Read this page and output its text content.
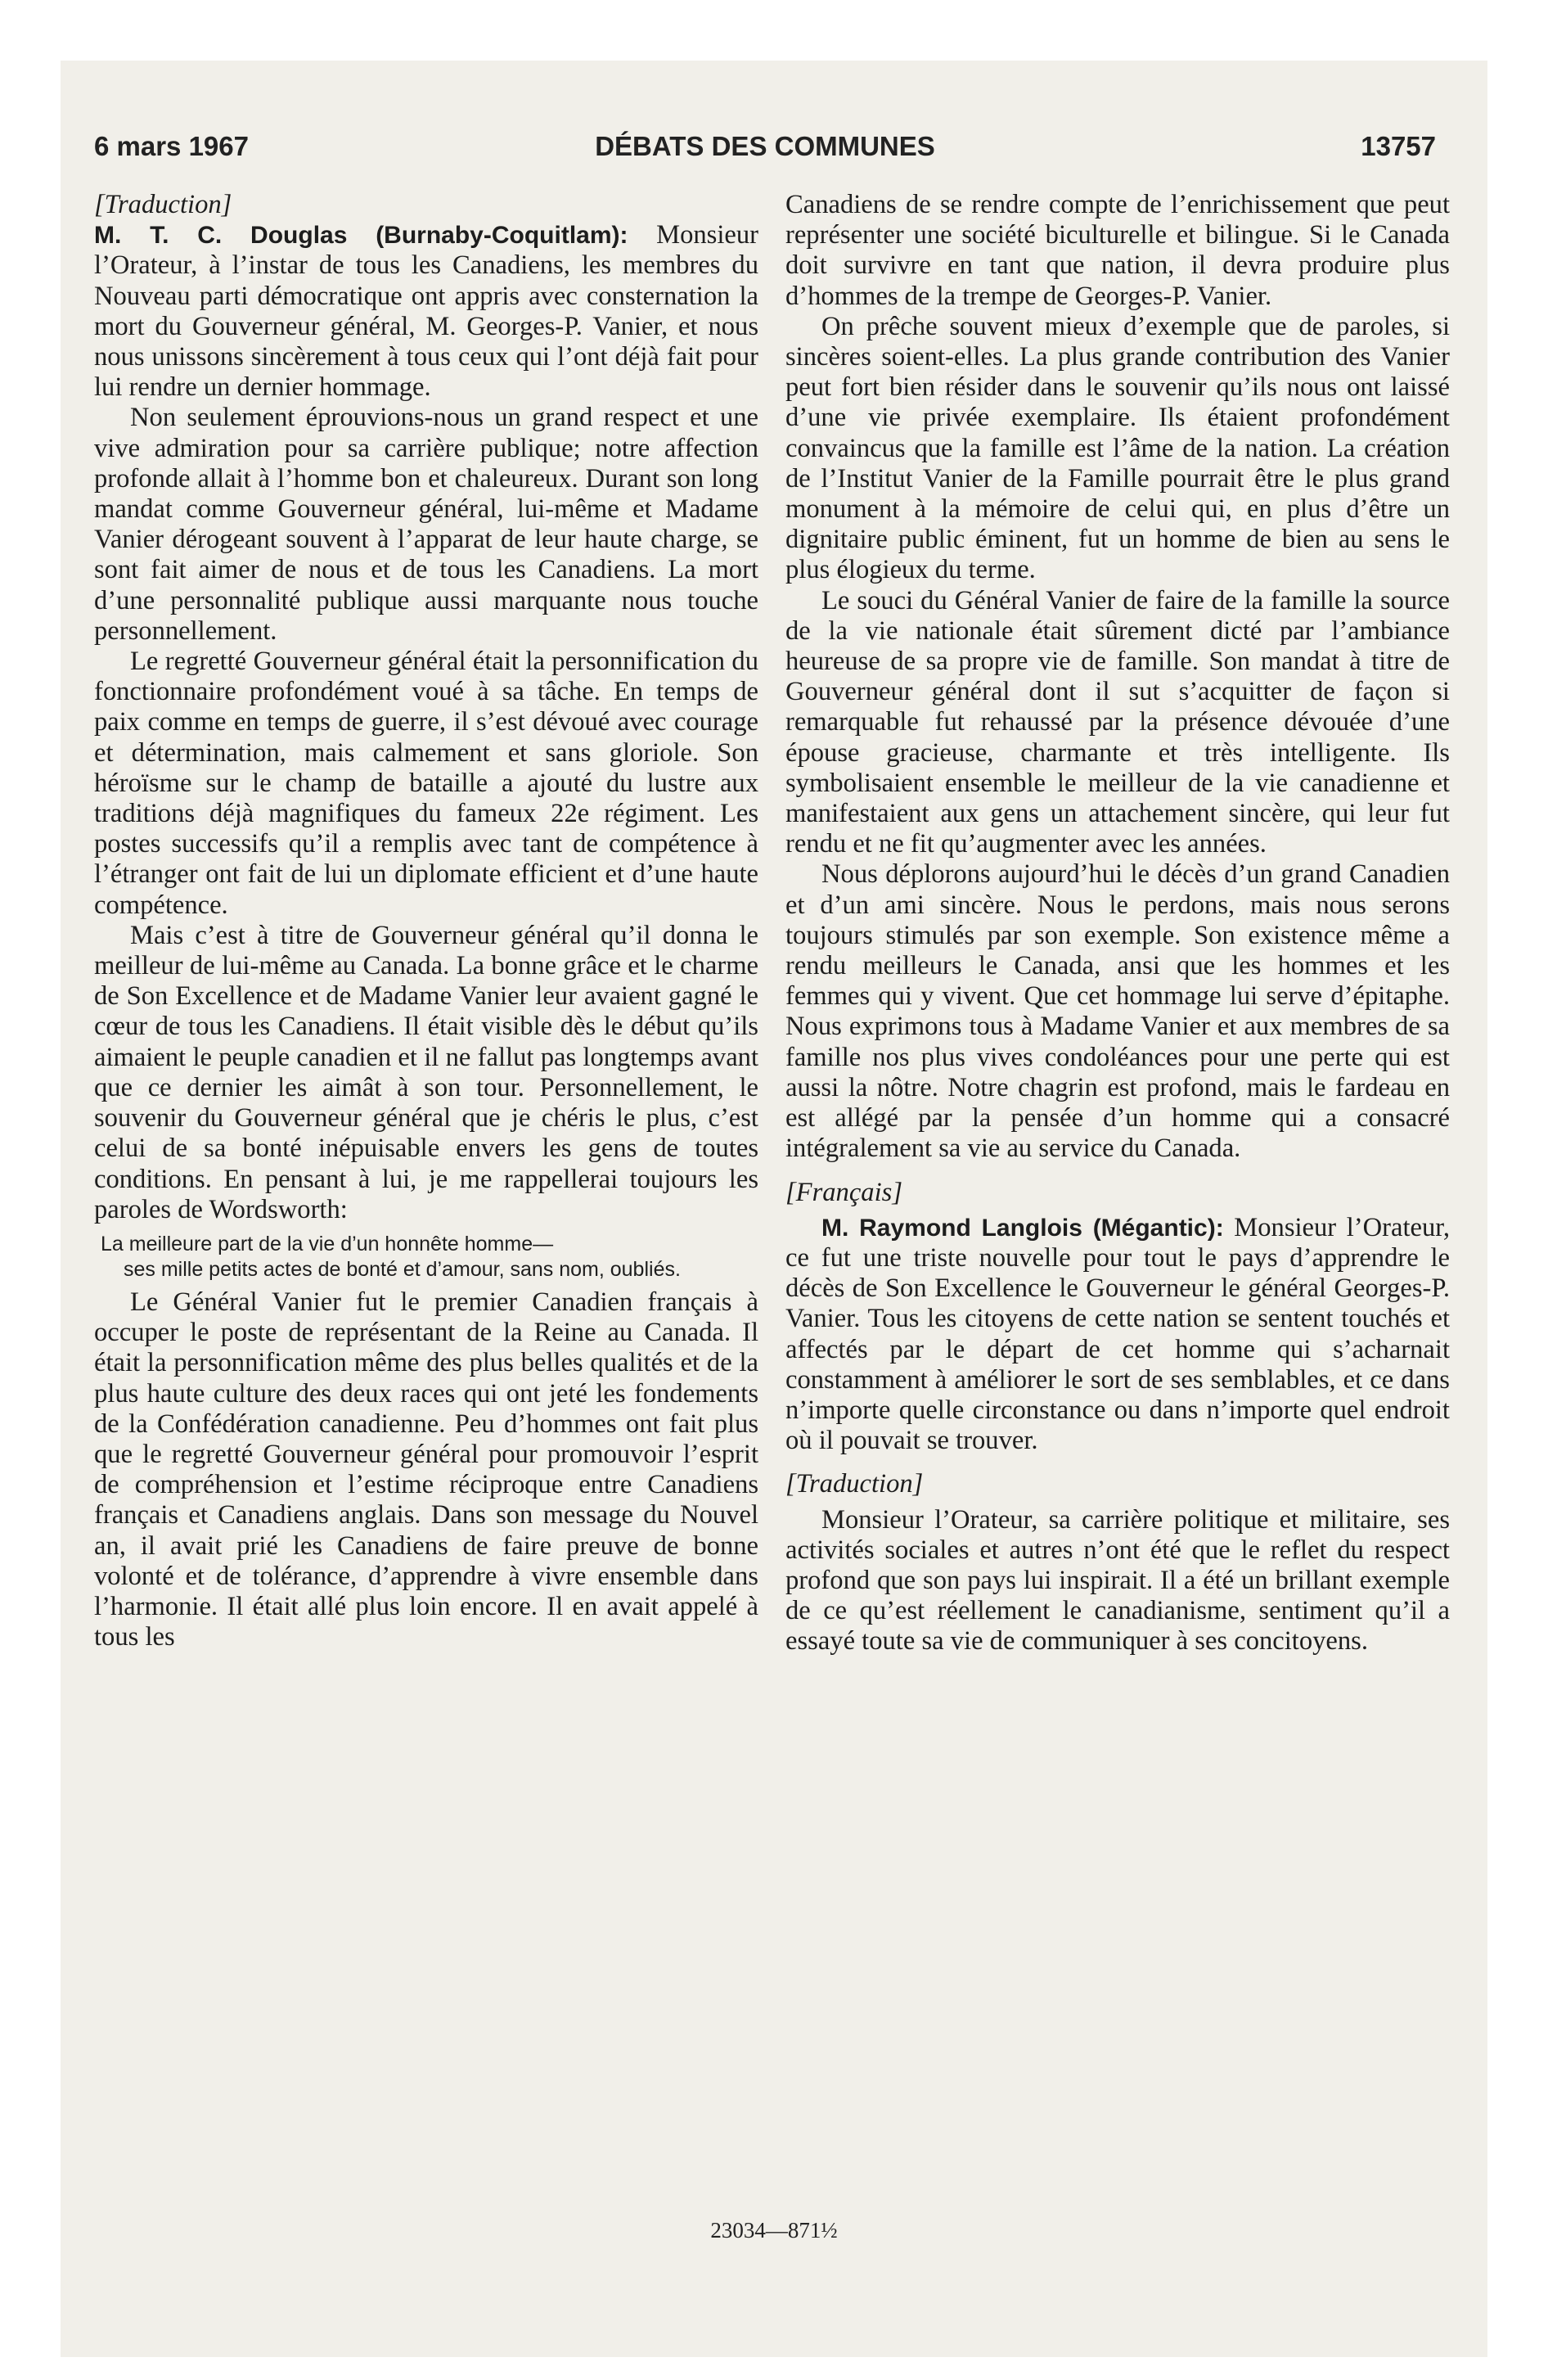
6 mars 1967	DÉBATS DES COMMUNES	13757

[Traduction]

M. T. C. Douglas (Burnaby-Coquitlam): Monsieur l’Orateur, à l’instar de tous les Canadiens, les membres du Nouveau parti démocratique ont appris avec consternation la mort du Gouverneur général, M. Georges-P. Vanier, et nous nous unissons sincèrement à tous ceux qui l’ont déjà fait pour lui rendre un dernier hommage.

Non seulement éprouvions-nous un grand respect et une vive admiration pour sa carrière publique; notre affection profonde allait à l’homme bon et chaleureux. Durant son long mandat comme Gouverneur général, lui-même et Madame Vanier dérogeant souvent à l’apparat de leur haute charge, se sont fait aimer de nous et de tous les Canadiens. La mort d’une personnalité publique aussi marquante nous touche personnellement.

Le regretté Gouverneur général était la personnification du fonctionnaire profondément voué à sa tâche. En temps de paix comme en temps de guerre, il s’est dévoué avec courage et détermination, mais calmement et sans gloriole. Son héroïsme sur le champ de bataille a ajouté du lustre aux traditions déjà magnifiques du fameux 22e régiment. Les postes successifs qu’il a remplis avec tant de compétence à l’étranger ont fait de lui un diplomate efficient et d’une haute compétence.

Mais c’est à titre de Gouverneur général qu’il donna le meilleur de lui-même au Canada. La bonne grâce et le charme de Son Excellence et de Madame Vanier leur avaient gagné le cœur de tous les Canadiens. Il était visible dès le début qu’ils aimaient le peuple canadien et il ne fallut pas longtemps avant que ce dernier les aimât à son tour. Personnellement, le souvenir du Gouverneur général que je chéris le plus, c’est celui de sa bonté inépuisable envers les gens de toutes conditions. En pensant à lui, je me rappellerai toujours les paroles de Wordsworth:

La meilleure part de la vie d’un honnête homme—
ses mille petits actes de bonté et d’amour, sans nom, oubliés.

Le Général Vanier fut le premier Canadien français à occuper le poste de représentant de la Reine au Canada. Il était la personnification même des plus belles qualités et de la plus haute culture des deux races qui ont jeté les fondements de la Confédération canadienne. Peu d’hommes ont fait plus que le regretté Gouverneur général pour promouvoir l’esprit de compréhension et l’estime réciproque entre Canadiens français et Canadiens anglais. Dans son message du Nouvel an, il avait prié les Canadiens de faire preuve de bonne volonté et de tolérance, d’apprendre à vivre ensemble dans l’harmonie. Il était allé plus loin encore. Il en avait appelé à tous les

Canadiens de se rendre compte de l’enrichissement que peut représenter une société biculturelle et bilingue. Si le Canada doit survivre en tant que nation, il devra produire plus d’hommes de la trempe de Georges-P. Vanier.

On prêche souvent mieux d’exemple que de paroles, si sincères soient-elles. La plus grande contribution des Vanier peut fort bien résider dans le souvenir qu’ils nous ont laissé d’une vie privée exemplaire. Ils étaient profondément convaincus que la famille est l’âme de la nation. La création de l’Institut Vanier de la Famille pourrait être le plus grand monument à la mémoire de celui qui, en plus d’être un dignitaire public éminent, fut un homme de bien au sens le plus élogieux du terme.

Le souci du Général Vanier de faire de la famille la source de la vie nationale était sûrement dicté par l’ambiance heureuse de sa propre vie de famille. Son mandat à titre de Gouverneur général dont il sut s’acquitter de façon si remarquable fut rehaussé par la présence dévouée d’une épouse gracieuse, charmante et très intelligente. Ils symbolisaient ensemble le meilleur de la vie canadienne et manifestaient aux gens un attachement sincère, qui leur fut rendu et ne fit qu’augmenter avec les années.

Nous déplorons aujourd’hui le décès d’un grand Canadien et d’un ami sincère. Nous le perdons, mais nous serons toujours stimulés par son exemple. Son existence même a rendu meilleurs le Canada, ansi que les hommes et les femmes qui y vivent. Que cet hommage lui serve d’épitaphe. Nous exprimons tous à Madame Vanier et aux membres de sa famille nos plus vives condoléances pour une perte qui est aussi la nôtre. Notre chagrin est profond, mais le fardeau en est allégé par la pensée d’un homme qui a consacré intégralement sa vie au service du Canada.

[Français]

M. Raymond Langlois (Mégantic): Monsieur l’Orateur, ce fut une triste nouvelle pour tout le pays d’apprendre le décès de Son Excellence le Gouverneur le général Georges-P. Vanier. Tous les citoyens de cette nation se sentent touchés et affectés par le départ de cet homme qui s’acharnait constamment à améliorer le sort de ses semblables, et ce dans n’importe quelle circonstance ou dans n’importe quel endroit où il pouvait se trouver.

[Traduction]

Monsieur l’Orateur, sa carrière politique et militaire, ses activités sociales et autres n’ont été que le reflet du respect profond que son pays lui inspirait. Il a été un brillant exemple de ce qu’est réellement le canadianisme, sentiment qu’il a essayé toute sa vie de communiquer à ses concitoyens.

23034—871½
